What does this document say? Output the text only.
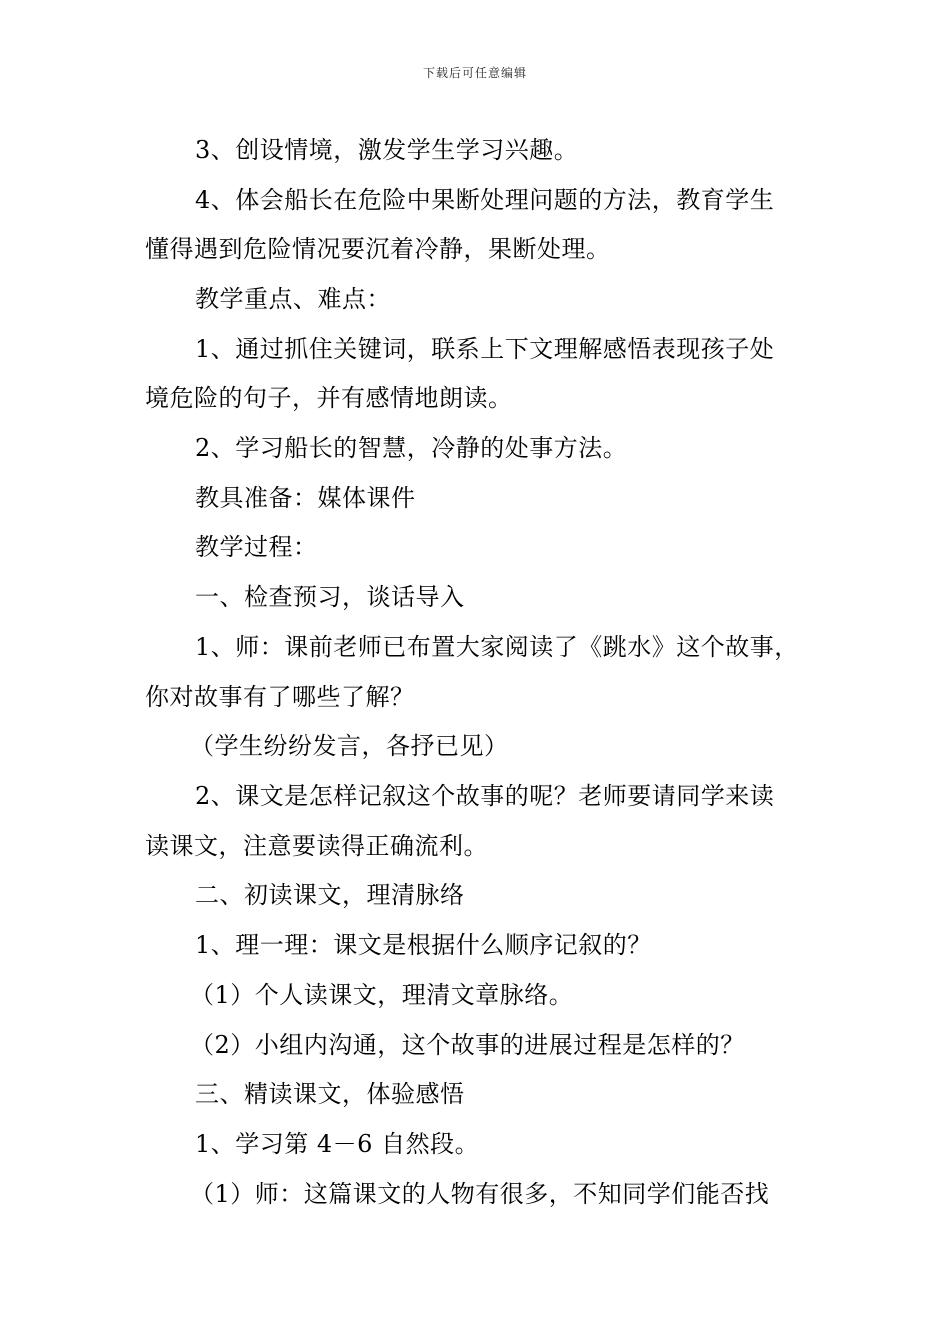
下载后可任意编辑
3、创设情境，激发学生学习兴趣。
4、体会船长在危险中果断处理问题的方法，教育学生
懂得遇到危险情况要沉着冷静，果断处理。
教学重点、难点：
1、通过抓住关键词，联系上下文理解感悟表现孩子处
境危险的句子，并有感情地朗读。
2、学习船长的智慧，冷静的处事方法。
教具准备：媒体课件
教学过程：
一、检查预习，谈话导入
1、师：课前老师已布置大家阅读了《跳水》这个故事，
你对故事有了哪些了解？
（学生纷纷发言，各抒已见）
2、课文是怎样记叙这个故事的呢？老师要请同学来读
读课文，注意要读得正确流利。
二、初读课文，理清脉络
1、理一理：课文是根据什么顺序记叙的？
（1）个人读课文，理清文章脉络。
（2）小组内沟通，这个故事的进展过程是怎样的？
三、精读课文，体验感悟
1、学习第 4－6 自然段。
（1）师：这篇课文的人物有很多，不知同学们能否找
